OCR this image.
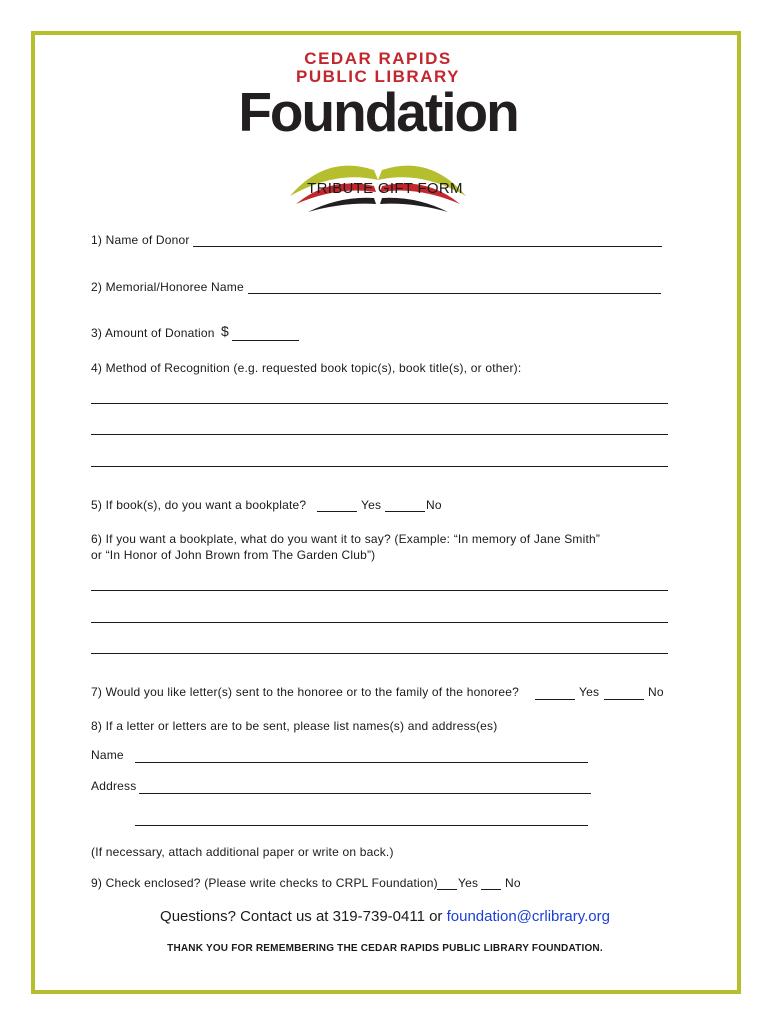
CEDAR RAPIDS
PUBLIC LIBRARY
Foundation
TRIBUTE GIFT FORM
1) Name of Donor
2) Memorial/Honoree Name
3) Amount of Donation $
4) Method of Recognition (e.g. requested book topic(s), book title(s), or other):
5) If book(s), do you want a bookplate?	Yes	No
6) If you want a bookplate, what do you want it to say? (Example: “In memory of Jane Smith”
or “In Honor of John Brown from The Garden Club”)
7) Would you like letter(s) sent to the honoree or to the family of the honoree?	Yes	No
8) If a letter or letters are to be sent, please list names(s) and address(es)
Name
Address
(If necessary, attach additional paper or write on back.)
9) Check enclosed? (Please write checks to CRPL Foundation) Yes No
Questions? Contact us at 319-739-0411 or foundation@crlibrary.org
THANK YOU FOR REMEMBERING THE CEDAR RAPIDS PUBLIC LIBRARY FOUNDATION.
